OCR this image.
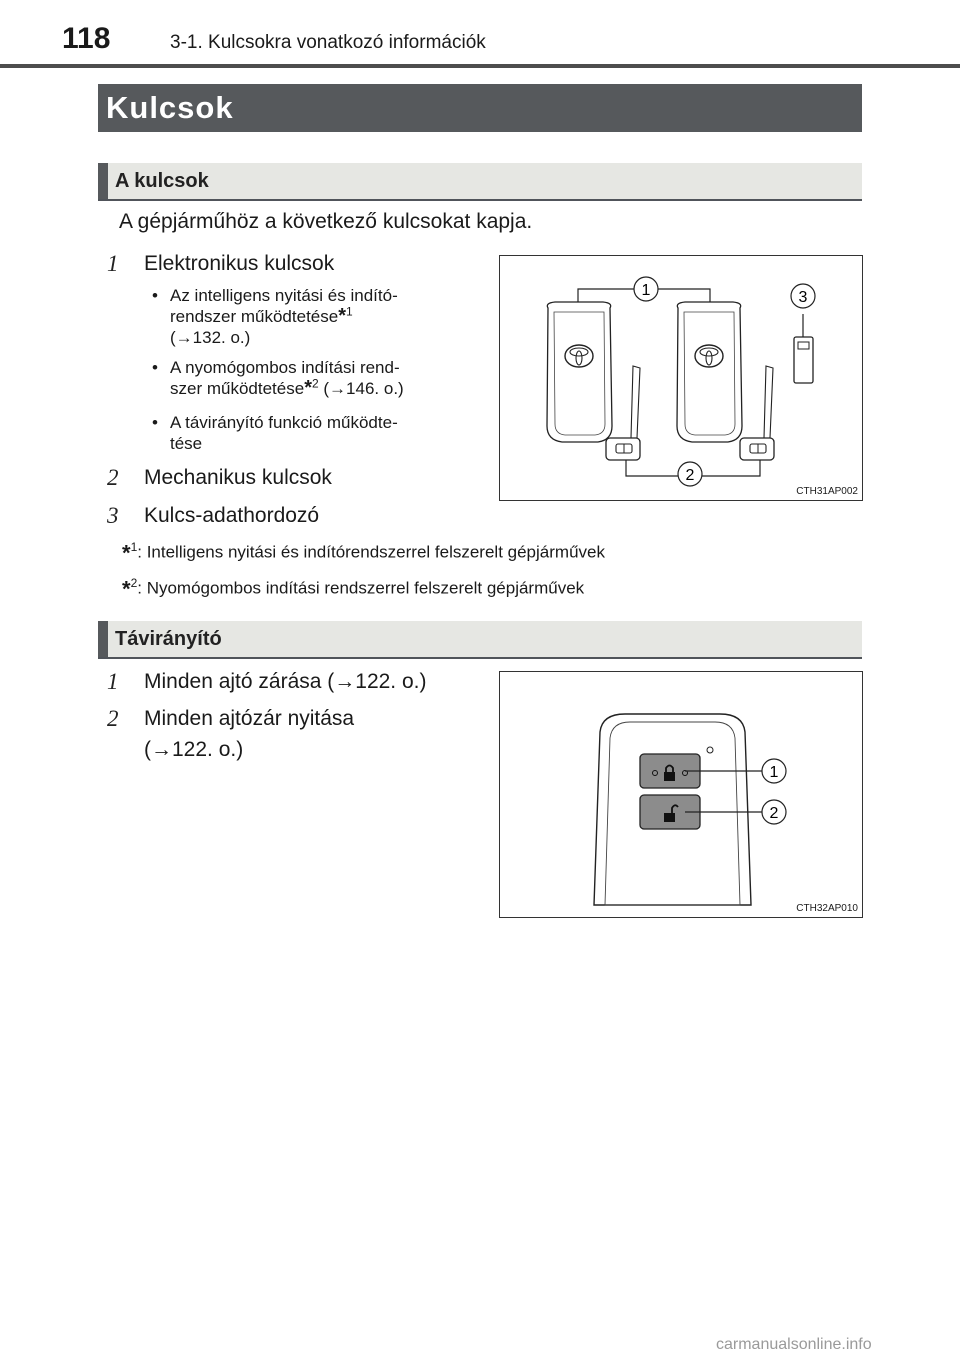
118	3-1. Kulcsokra vonatkozó információk
Kulcsok
A kulcsok
A gépjárműhöz a következő kulcsokat kapja.
1 Elektronikus kulcsok
• Az intelligens nyitási és indító-
rendszer működtetése*$^1$
(→132. o.)
• A nyomógombos indítási rend-
szer működtetése*$^2$ (→146. o.)
• A távirányító funkció működte-
tése
2 Mechanikus kulcsok
3 Kulcs-adathordozó
*$^1$: Intelligens nyitási és indítórendszerrel felszerelt gépjárművek
*$^2$: Nyomógombos indítási rendszerrel felszerelt gépjárművek
1
2
3
CTH31AP002
Távirányító
1 Minden ajtó zárása (→122. o.)
2 Minden ajtózár nyitása
(→122. o.)
1
2
CTH32AP010
carmanualsonline.info
